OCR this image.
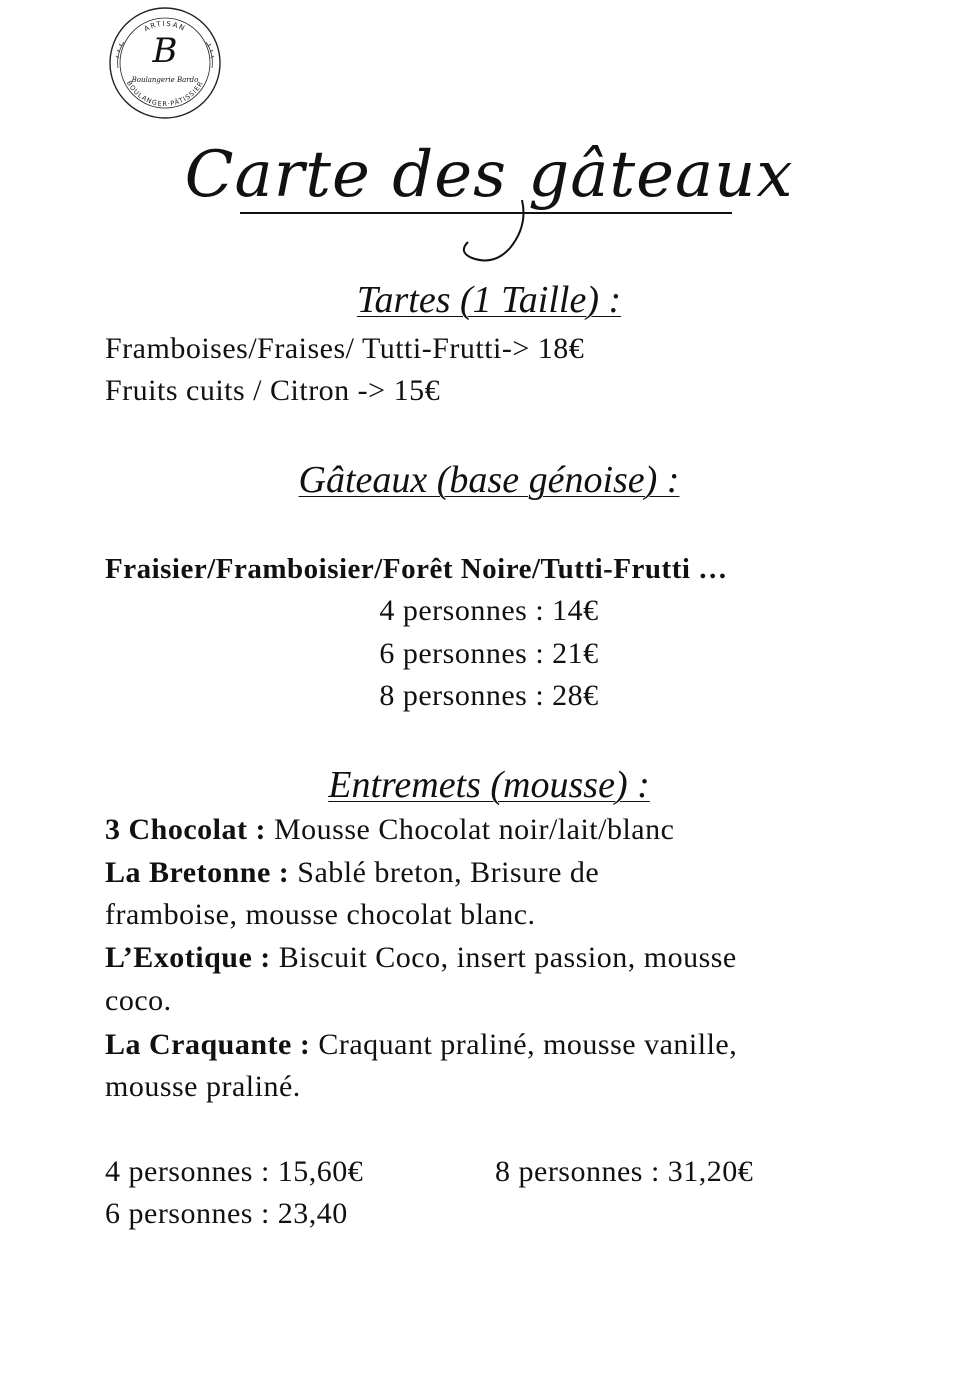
ARTISAN
BOULANGER·PÂTISSIER
B
Boulangerie Bardo
Carte des gâteaux
Tartes (1 Taille) :
Framboises/Fraises/ Tutti-Frutti-> 18€
Fruits cuits / Citron -> 15€
Gâteaux (base génoise) :
Fraisier/Framboisier/Forêt Noire/Tutti-Frutti …
4 personnes : 14€
6 personnes : 21€
8 personnes : 28€
Entremets (mousse) :
3 Chocolat : Mousse Chocolat noir/lait/blanc
La Bretonne : Sablé breton, Brisure de
framboise, mousse chocolat blanc.
L’Exotique : Biscuit Coco, insert passion, mousse
coco.
La Craquante : Craquant praliné, mousse vanille,
mousse praliné.
4 personnes : 15,60€	8 personnes : 31,20€
6 personnes : 23,40
